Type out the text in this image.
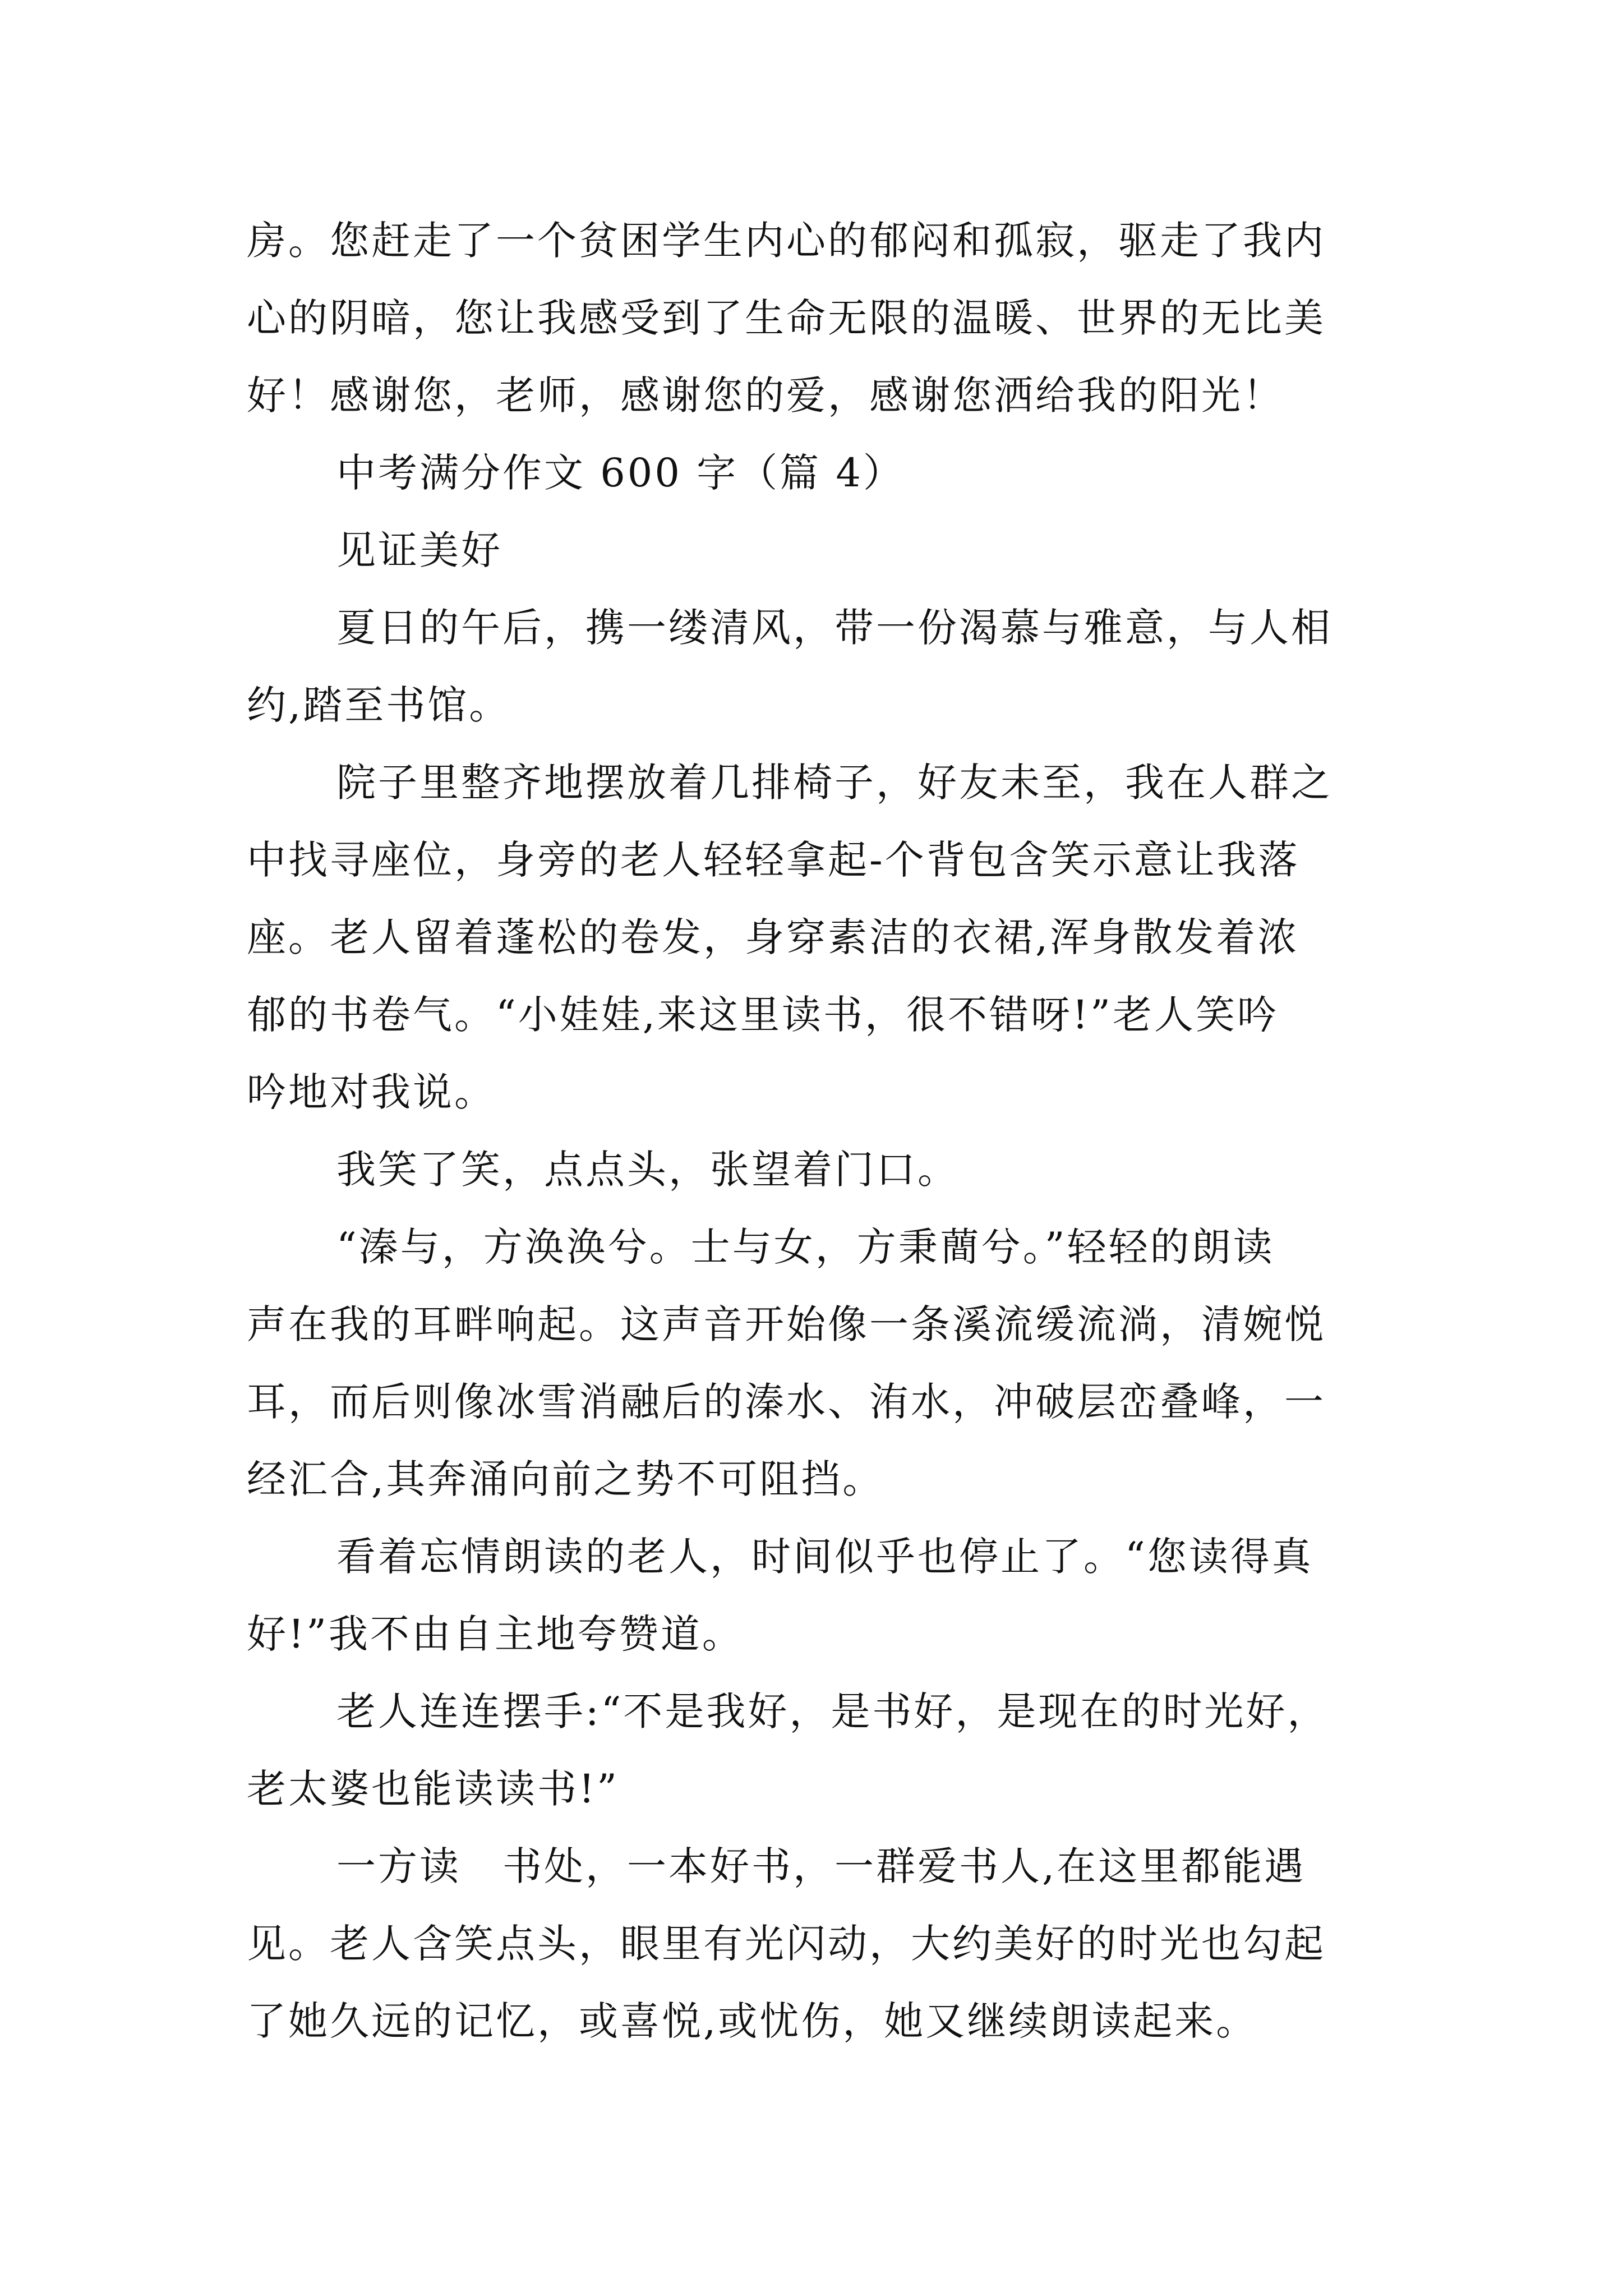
房。您赶走了一个贫困学生内心的郁闷和孤寂，驱走了我内
心的阴暗，您让我感受到了生命无限的温暖、世界的无比美
好！感谢您，老师，感谢您的爱，感谢您洒给我的阳光！
中考满分作文 600 字（篇 4）
见证美好
夏日的午后，携一缕清风，带一份渴慕与雅意，与人相
约,踏至书馆。
院子里整齐地摆放着几排椅子，好友未至，我在人群之
中找寻座位，身旁的老人轻轻拿起-个背包含笑示意让我落
座。老人留着蓬松的卷发，身穿素洁的衣裙,浑身散发着浓
郁的书卷气。“小娃娃,来这里读书，很不错呀!”老人笑吟
吟地对我说。
我笑了笑，点点头，张望着门口。
“溱与，方涣涣兮。士与女，方秉蕳兮。”轻轻的朗读
声在我的耳畔响起。这声音开始像一条溪流缓流淌，清婉悦
耳，而后则像冰雪消融后的溱水、洧水，冲破层峦叠峰，一
经汇合,其奔涌向前之势不可阻挡。
看着忘情朗读的老人，时间似乎也停止了。“您读得真
好!”我不由自主地夸赞道。
老人连连摆手:“不是我好，是书好，是现在的时光好，
老太婆也能读读书!”
一方读　书处，一本好书，一群爱书人,在这里都能遇
见。老人含笑点头，眼里有光闪动，大约美好的时光也勾起
了她久远的记忆，或喜悦,或忧伤，她又继续朗读起来。
